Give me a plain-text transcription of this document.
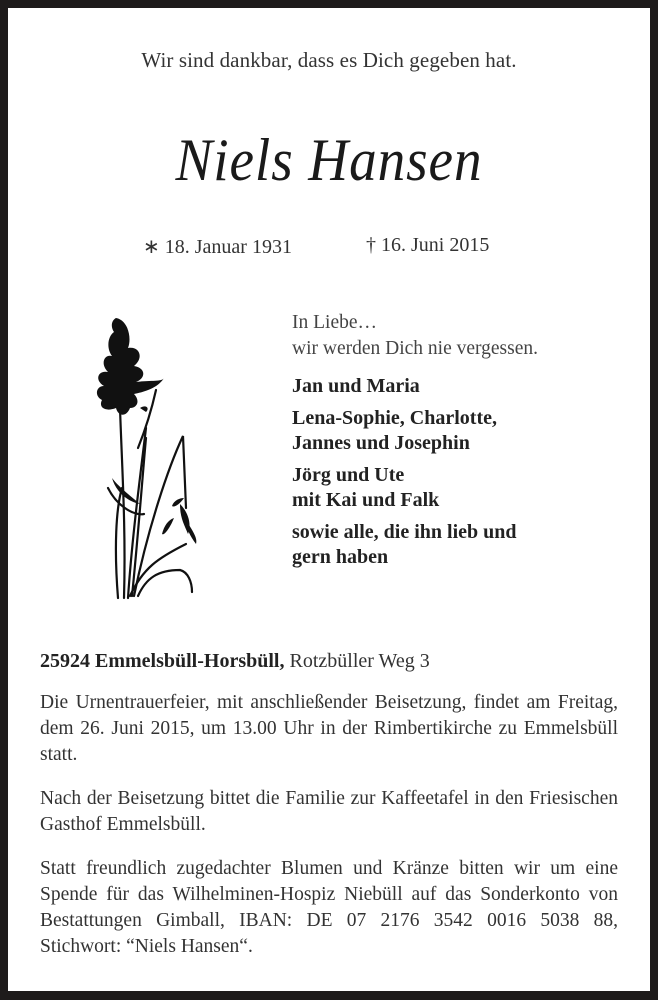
Wir sind dankbar, dass es Dich gegeben hat.
Niels Hansen
∗ 18. Januar 1931	† 16. Juni 2015
In Liebe…
wir werden Dich nie vergessen.
Jan und Maria
Lena-Sophie, Charlotte,
Jannes und Josephin
Jörg und Ute
mit Kai und Falk
sowie alle, die ihn lieb und
gern haben
25924 Emmelsbüll-Horsbüll, Rotzbüller Weg 3
Die Urnentrauerfeier, mit anschließender Beisetzung, findet am Freitag, dem 26. Juni 2015, um 13.00 Uhr in der Rimbertikirche zu Emmelsbüll statt.
Nach der Beisetzung bittet die Familie zur Kaffeetafel in den Friesischen Gasthof Emmelsbüll.
Statt freundlich zugedachter Blumen und Kränze bitten wir um eine Spende für das Wilhelminen-Hospiz Niebüll auf das Sonderkonto von Bestattungen Gimball, IBAN: DE 07 2176 3542 0016 5038 88, Stichwort: “Niels Hansen“.
